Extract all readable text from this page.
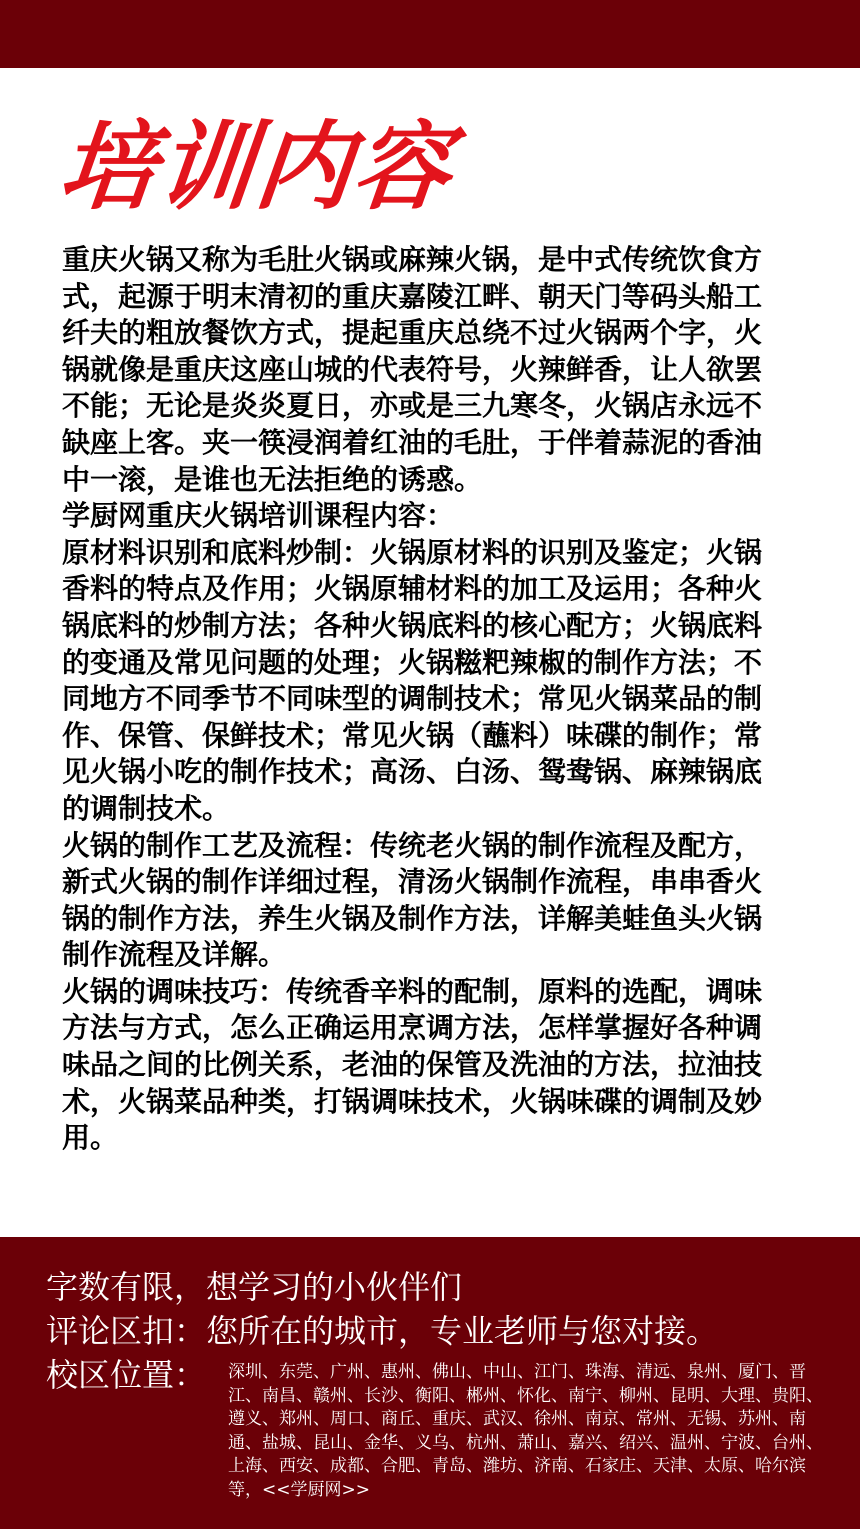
培训内容

重庆火锅又称为毛肚火锅或麻辣火锅，是中式传统饮食方式，起源于明末清初的重庆嘉陵江畔、朝天门等码头船工纤夫的粗放餐饮方式，提起重庆总绕不过火锅两个字，火锅就像是重庆这座山城的代表符号，火辣鲜香，让人欲罢不能；无论是炎炎夏日，亦或是三九寒冬，火锅店永远不缺座上客。夹一筷浸润着红油的毛肚，于伴着蒜泥的香油中一滚，是谁也无法拒绝的诱惑。

学厨网重庆火锅培训课程内容：

原材料识别和底料炒制：火锅原材料的识别及鉴定；火锅香料的特点及作用；火锅原辅材料的加工及运用；各种火锅底料的炒制方法；各种火锅底料的核心配方；火锅底料的变通及常见问题的处理；火锅糍粑辣椒的制作方法；不同地方不同季节不同味型的调制技术；常见火锅菜品的制作、保管、保鲜技术；常见火锅（蘸料）味碟的制作；常见火锅小吃的制作技术；高汤、白汤、鸳鸯锅、麻辣锅底的调制技术。

火锅的制作工艺及流程：传统老火锅的制作流程及配方，新式火锅的制作详细过程，清汤火锅制作流程，串串香火锅的制作方法，养生火锅及制作方法，详解美蛙鱼头火锅制作流程及详解。

火锅的调味技巧：传统香辛料的配制，原料的选配，调味方法与方式，怎么正确运用烹调方法，怎样掌握好各种调味品之间的比例关系，老油的保管及洗油的方法，拉油技术，火锅菜品种类，打锅调味技术，火锅味碟的调制及妙用。

字数有限，想学习的小伙伴们
评论区扣：您所在的城市，专业老师与您对接。
校区位置： 深圳、东莞、广州、惠州、佛山、中山、江门、珠海、清远、泉州、厦门、晋江、南昌、赣州、长沙、衡阳、郴州、怀化、南宁、柳州、昆明、大理、贵阳、遵义、郑州、周口、商丘、重庆、武汉、徐州、南京、常州、无锡、苏州、南通、盐城、昆山、金华、义乌、杭州、萧山、嘉兴、绍兴、温州、宁波、台州、上海、西安、成都、合肥、青岛、潍坊、济南、石家庄、天津、太原、哈尔滨等，<<学厨网>>
